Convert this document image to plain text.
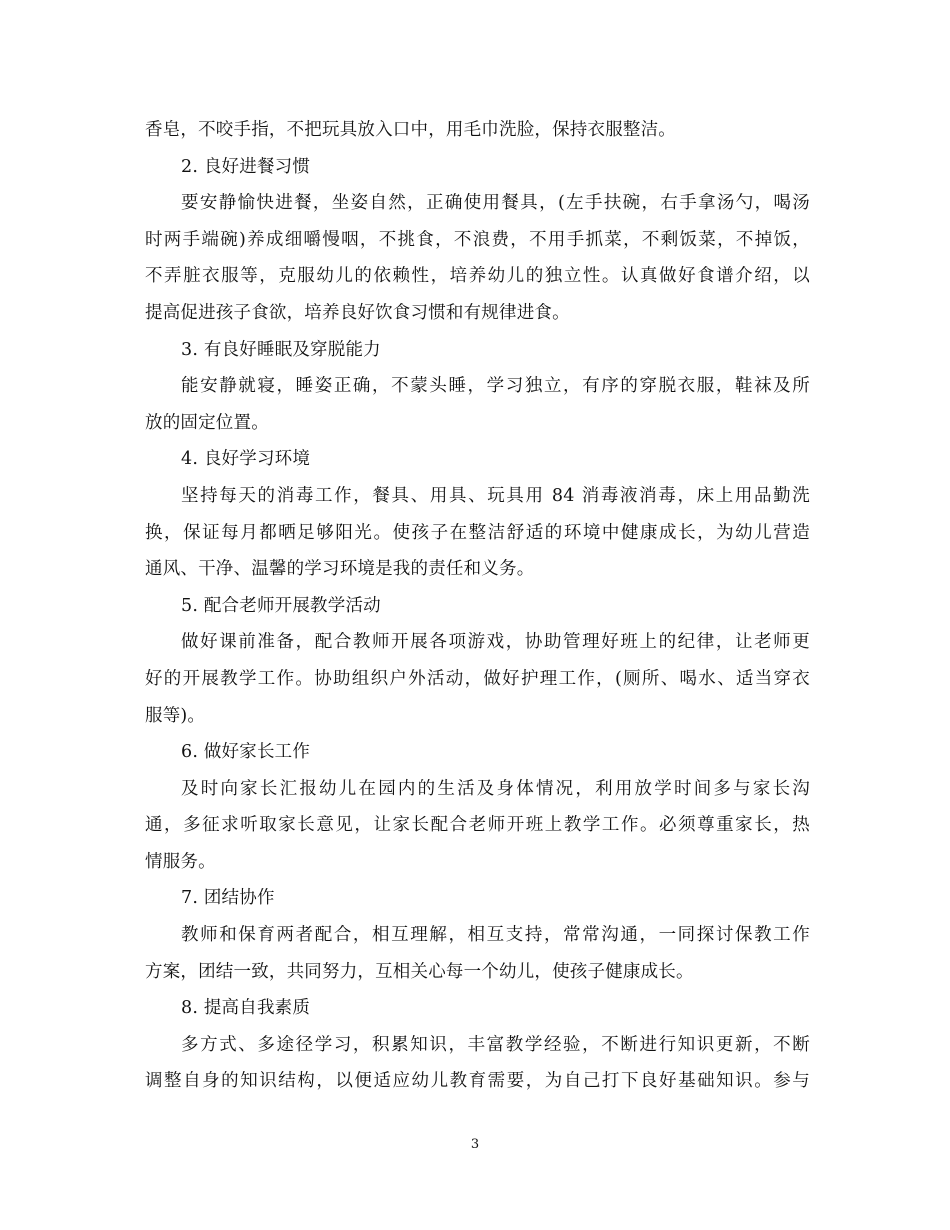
香皂，不咬手指，不把玩具放入口中，用毛巾洗脸，保持衣服整洁。
2. 良好进餐习惯
要安静愉快进餐，坐姿自然，正确使用餐具，(左手扶碗，右手拿汤勺，喝汤
时两手端碗)养成细嚼慢咽，不挑食，不浪费，不用手抓菜，不剩饭菜，不掉饭，
不弄脏衣服等，克服幼儿的依赖性，培养幼儿的独立性。认真做好食谱介绍，以
提高促进孩子食欲，培养良好饮食习惯和有规律进食。
3. 有良好睡眠及穿脱能力
能安静就寝，睡姿正确，不蒙头睡，学习独立，有序的穿脱衣服，鞋袜及所
放的固定位置。
4. 良好学习环境
坚持每天的消毒工作，餐具、用具、玩具用 84 消毒液消毒，床上用品勤洗
换，保证每月都晒足够阳光。使孩子在整洁舒适的环境中健康成长，为幼儿营造
通风、干净、温馨的学习环境是我的责任和义务。
5. 配合老师开展教学活动
做好课前准备，配合教师开展各项游戏，协助管理好班上的纪律，让老师更
好的开展教学工作。协助组织户外活动，做好护理工作，(厕所、喝水、适当穿衣
服等)。
6. 做好家长工作
及时向家长汇报幼儿在园内的生活及身体情况，利用放学时间多与家长沟
通，多征求听取家长意见，让家长配合老师开班上教学工作。必须尊重家长，热
情服务。
7. 团结协作
教师和保育两者配合，相互理解，相互支持，常常沟通，一同探讨保教工作
方案，团结一致，共同努力，互相关心每一个幼儿，使孩子健康成长。
8. 提高自我素质
多方式、多途径学习，积累知识，丰富教学经验，不断进行知识更新，不断
调整自身的知识结构，以便适应幼儿教育需要，为自己打下良好基础知识。参与
3
